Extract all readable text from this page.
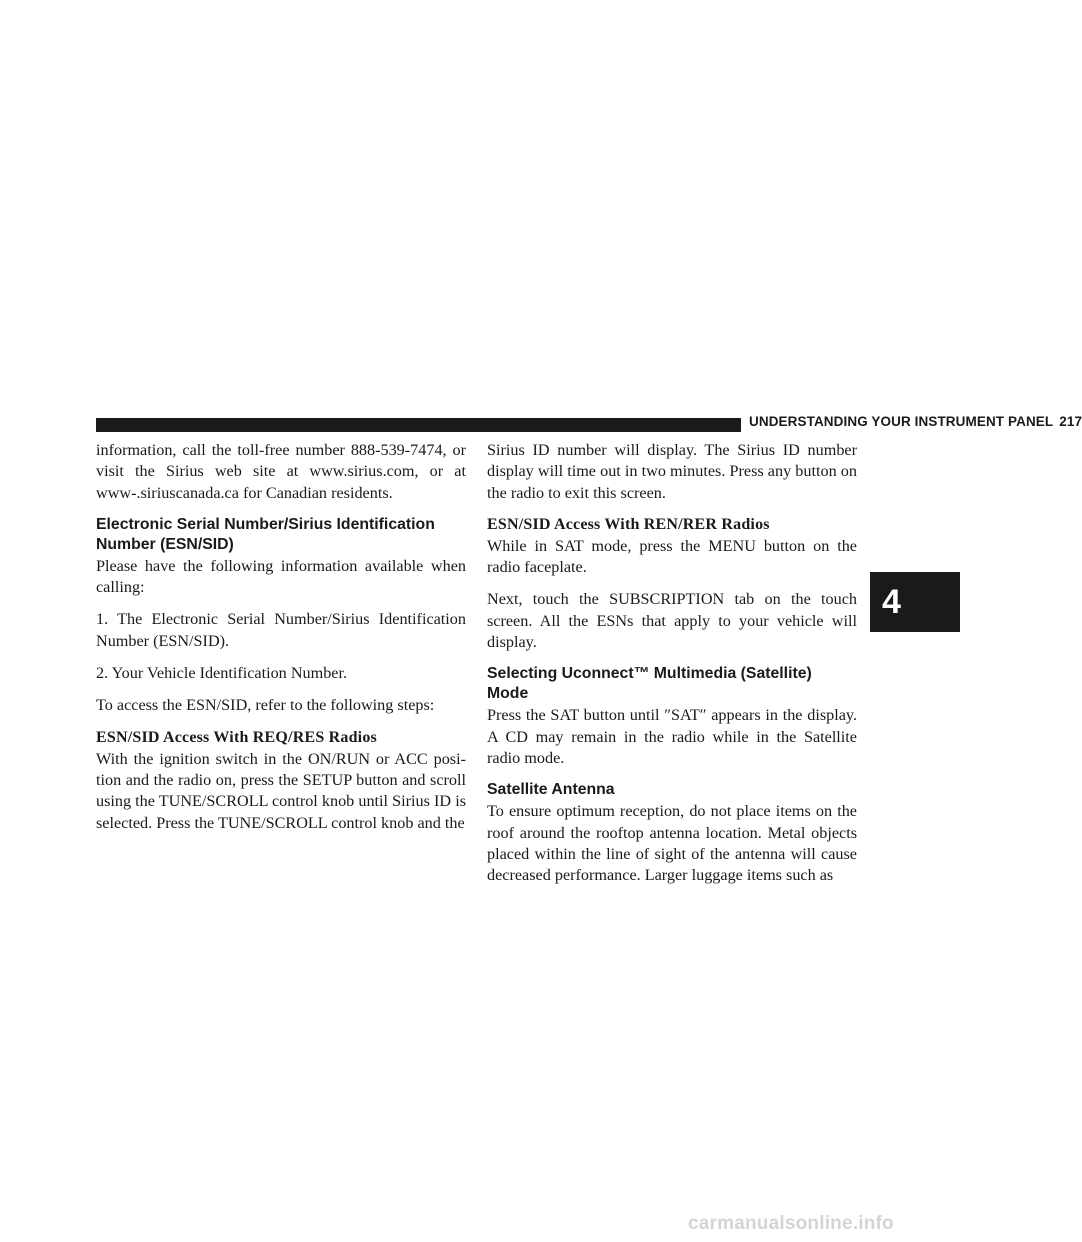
UNDERSTANDING YOUR INSTRUMENT PANEL 217

information, call the toll-free number 888-539-7474, or visit the Sirius web site at www.sirius.com, or at www-.siriuscanada.ca for Canadian residents.

Electronic Serial Number/Sirius Identification Number (ESN/SID)

Please have the following information available when calling:

1. The Electronic Serial Number/Sirius Identification Number (ESN/SID).

2. Your Vehicle Identification Number.

To access the ESN/SID, refer to the following steps:

ESN/SID Access With REQ/RES Radios

With the ignition switch in the ON/RUN or ACC posi-tion and the radio on, press the SETUP button and scroll using the TUNE/SCROLL control knob until Sirius ID is selected. Press the TUNE/SCROLL control knob and the

Sirius ID number will display. The Sirius ID number display will time out in two minutes. Press any button on the radio to exit this screen.

ESN/SID Access With REN/RER Radios

While in SAT mode, press the MENU button on the radio faceplate.

Next, touch the SUBSCRIPTION tab on the touch screen. All the ESNs that apply to your vehicle will display.

Selecting Uconnect™ Multimedia (Satellite) Mode

Press the SAT button until ″SAT″ appears in the display. A CD may remain in the radio while in the Satellite radio mode.

Satellite Antenna

To ensure optimum reception, do not place items on the roof around the rooftop antenna location. Metal objects placed within the line of sight of the antenna will cause decreased performance. Larger luggage items such as

4
carmanualsonline.info
